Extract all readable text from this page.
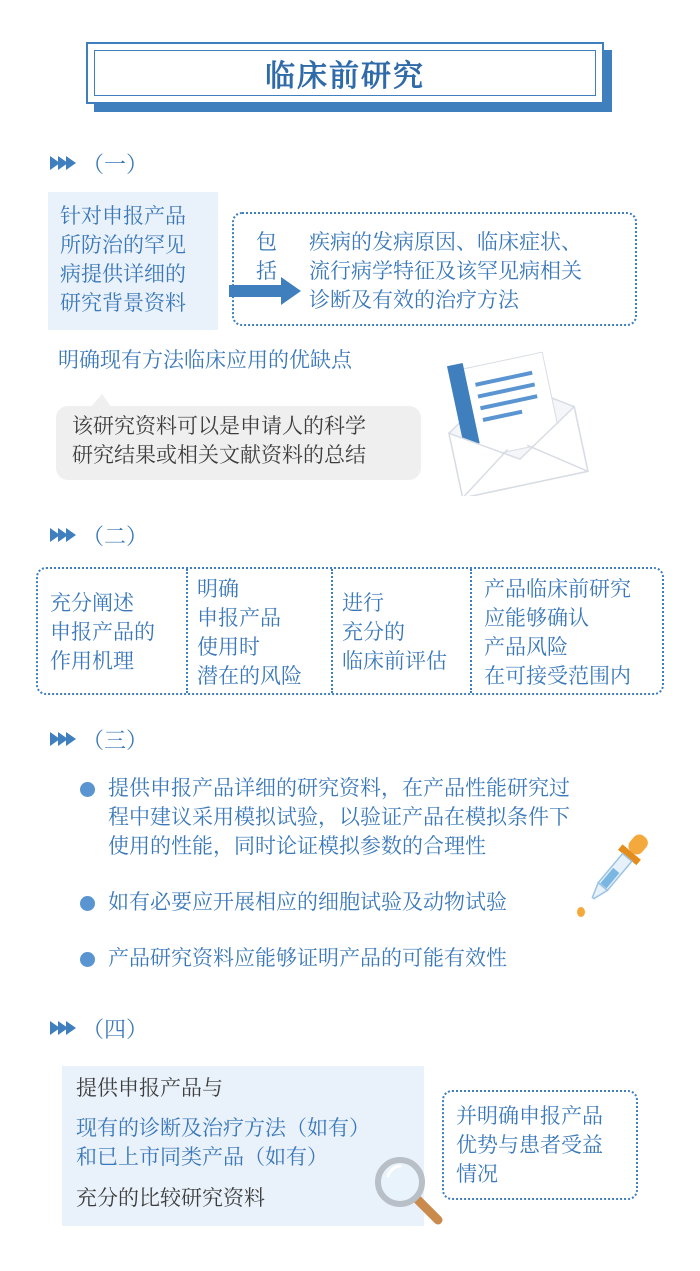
临床前研究
（一）
针对申报产品
所防治的罕见
病提供详细的
研究背景资料
包
括
疾病的发病原因、临床症状、
流行病学特征及该罕见病相关
诊断及有效的治疗方法
明确现有方法临床应用的优缺点
该研究资料可以是申请人的科学
研究结果或相关文献资料的总结
（二）
充分阐述
申报产品的
作用机理
明确
申报产品
使用时
潜在的风险
进行
充分的
临床前评估
产品临床前研究
应能够确认
产品风险
在可接受范围内
（三）
提供申报产品详细的研究资料，在产品性能研究过
程中建议采用模拟试验，以验证产品在模拟条件下
使用的性能，同时论证模拟参数的合理性
如有必要应开展相应的细胞试验及动物试验
产品研究资料应能够证明产品的可能有效性
（四）
提供申报产品与
现有的诊断及治疗方法（如有）
和已上市同类产品（如有）
充分的比较研究资料
并明确申报产品
优势与患者受益
情况
